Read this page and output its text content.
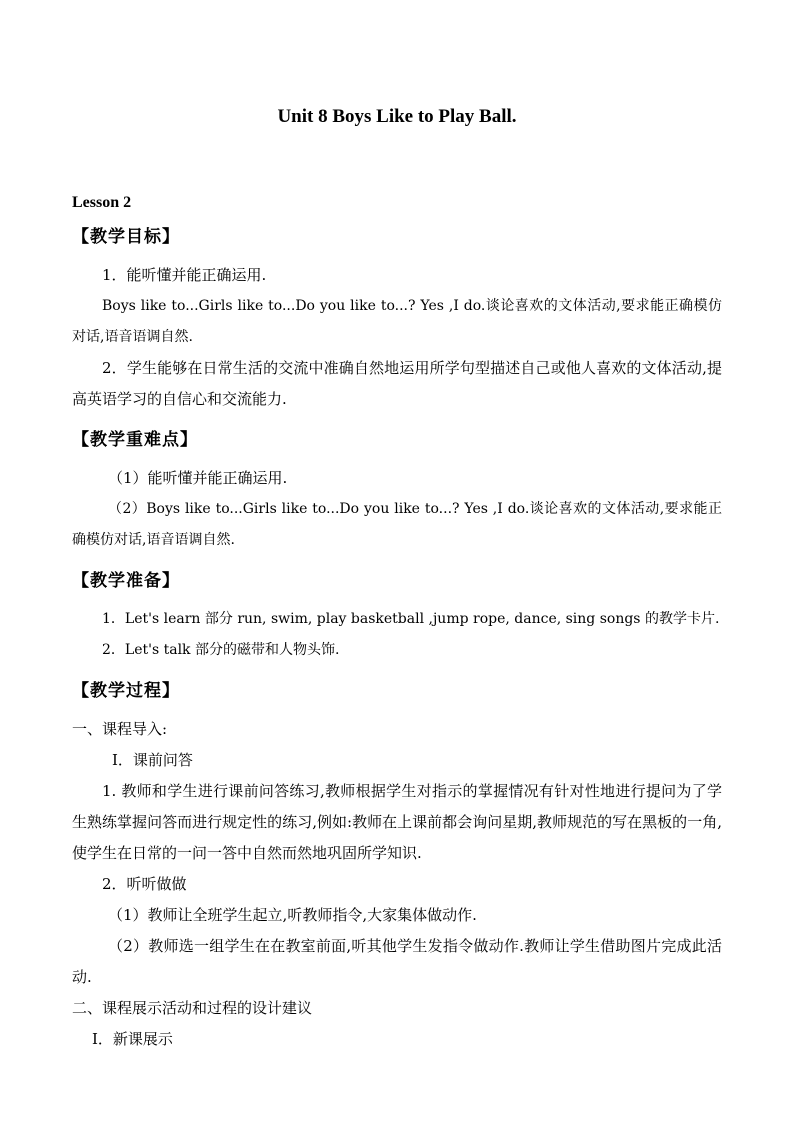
Unit 8 Boys Like to Play Ball.
Lesson 2

【教学目标】

1．能听懂并能正确运用.

Boys like to...Girls like to...Do you like to...? Yes ,I do.谈论喜欢的文体活动,要求能正确模仿对话,语音语调自然.

2．学生能够在日常生活的交流中准确自然地运用所学句型描述自己或他人喜欢的文体活动,提高英语学习的自信心和交流能力.

【教学重难点】

（1）能听懂并能正确运用.

（2）Boys like to...Girls like to...Do you like to...? Yes ,I do.谈论喜欢的文体活动,要求能正确模仿对话,语音语调自然.

【教学准备】

1．Let's learn 部分 run, swim, play basketball ,jump rope, dance, sing songs 的教学卡片.

2．Let's talk 部分的磁带和人物头饰.

【教学过程】

一、课程导入:

Ⅰ．课前问答

1. 教师和学生进行课前问答练习,教师根据学生对指示的掌握情况有针对性地进行提问为了学生熟练掌握问答而进行规定性的练习,例如:教师在上课前都会询问星期,教师规范的写在黑板的一角,使学生在日常的一问一答中自然而然地巩固所学知识.

2．听听做做

（1）教师让全班学生起立,听教师指令,大家集体做动作.

（2）教师选一组学生在在教室前面,听其他学生发指令做动作.教师让学生借助图片完成此活动.

二、课程展示活动和过程的设计建议

Ⅰ．新课展示
